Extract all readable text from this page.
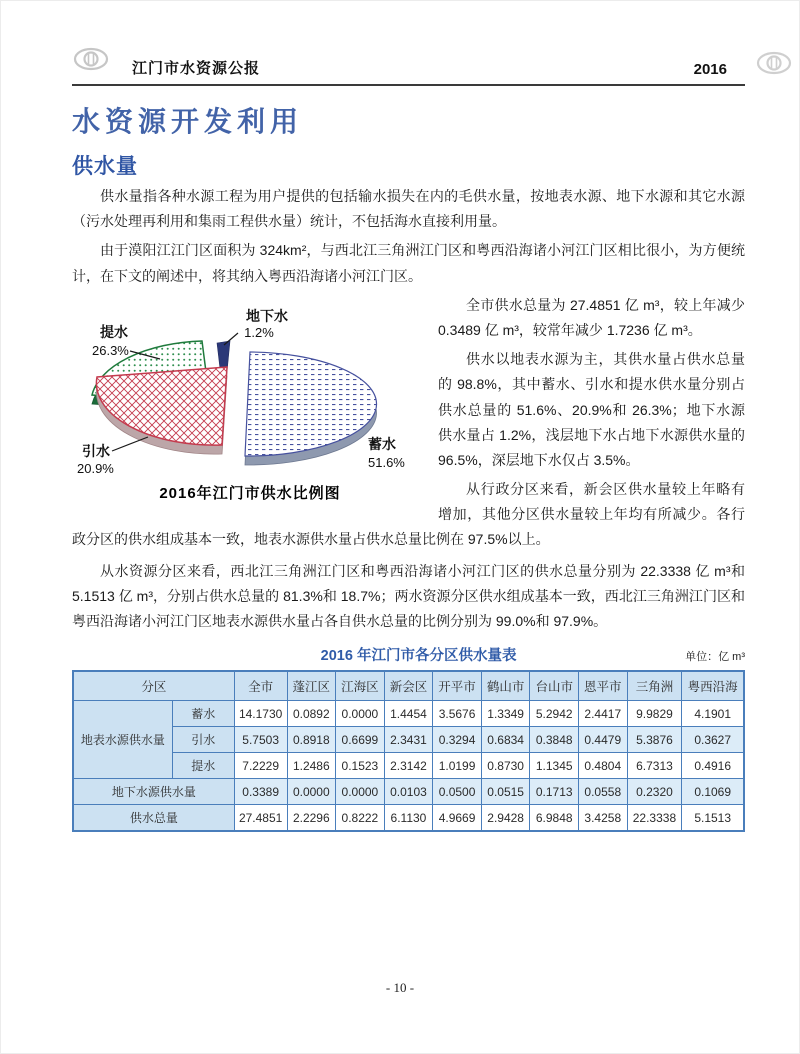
江门市水资源公报	2016
水资源开发利用
供水量

供水量指各种水源工程为用户提供的包括输水损失在内的毛供水量，按地表水源、地下水源和其它水源（污水处理再利用和集雨工程供水量）统计，不包括海水直接利用量。

由于漠阳江江门区面积为 324km²，与西北江三角洲江门区和粤西沿海诸小河江门区相比很小，为方便统计，在下文的阐述中，将其纳入粤西沿海诸小河江门区。

地下水
1.2%
提水
26.3%
引水
20.9%
蓄水
51.6%
2016年江门市供水比例图

全市供水总量为 27.4851 亿 m³，较上年减少 0.3489 亿 m³，较常年减少 1.7236 亿 m³。

供水以地表水源为主，其供水量占供水总量的 98.8%，其中蓄水、引水和提水供水量分别占供水总量的 51.6%、20.9%和 26.3%；地下水源供水量占 1.2%，浅层地下水占地下水源供水量的 96.5%，深层地下水仅占 3.5%。

从行政分区来看，新会区供水量较上年略有增加，其他分区供水量较上年均有所减少。各行政分区的供水组成基本一致，地表水源供水量占供水总量比例在 97.5%以上。

从水资源分区来看，西北江三角洲江门区和粤西沿海诸小河江门区的供水总量分别为 22.3338 亿 m³和 5.1513 亿 m³，分别占供水总量的 81.3%和 18.7%；两水资源分区供水组成基本一致，西北江三角洲江门区和粤西沿海诸小河江门区地表水源供水量占各自供水总量的比例分别为 99.0%和 97.9%。

2016 年江门市各分区供水量表	单位：亿 m³
分区		全市	蓬江区	江海区	新会区	开平市	鹤山市	台山市	恩平市	三角洲	粤西沿海
地表水源供水量	蓄水	14.1730	0.0892	0.0000	1.4454	3.5676	1.3349	5.2942	2.4417	9.9829	4.1901
	引水	5.7503	0.8918	0.6699	2.3431	0.3294	0.6834	0.3848	0.4479	5.3876	0.3627
	提水	7.2229	1.2486	0.1523	2.3142	1.0199	0.8730	1.1345	0.4804	6.7313	0.4916
地下水源供水量		0.3389	0.0000	0.0000	0.0103	0.0500	0.0515	0.1713	0.0558	0.2320	0.1069
供水总量		27.4851	2.2296	0.8222	6.1130	4.9669	2.9428	6.9848	3.4258	22.3338	5.1513
- 10 -
